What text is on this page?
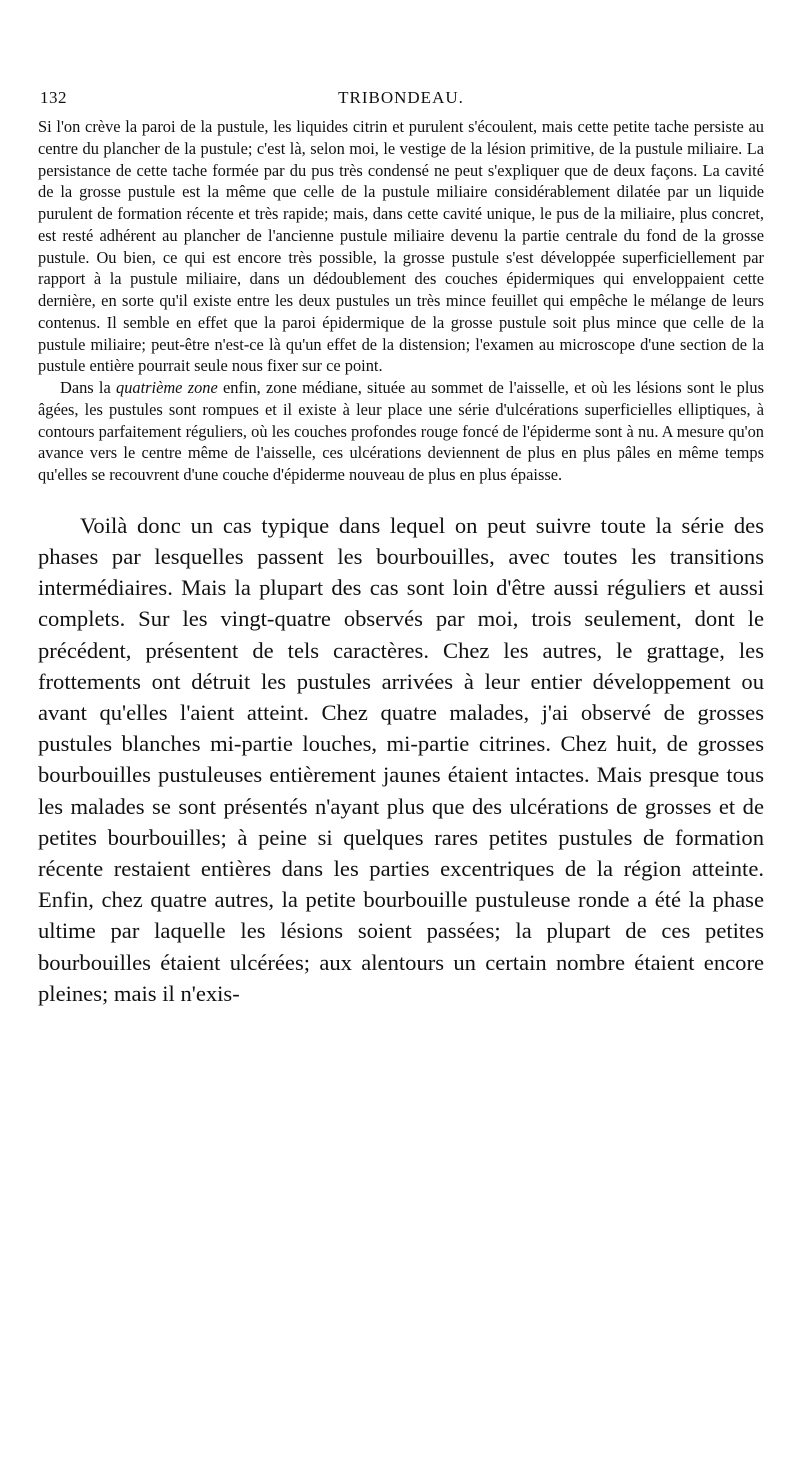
132	TRIBONDEAU.

Si l'on crève la paroi de la pustule, les liquides citrin et purulent s'écoulent, mais cette petite tache persiste au centre du plancher de la pustule; c'est là, selon moi, le vestige de la lésion primitive, de la pustule miliaire. La persistance de cette tache formée par du pus très condensé ne peut s'expliquer que de deux façons. La cavité de la grosse pustule est la même que celle de la pustule miliaire considérablement dilatée par un liquide purulent de formation récente et très rapide; mais, dans cette cavité unique, le pus de la miliaire, plus concret, est resté adhérent au plancher de l'ancienne pustule miliaire devenu la partie centrale du fond de la grosse pustule. Ou bien, ce qui est encore très possible, la grosse pustule s'est développée superficiellement par rapport à la pustule miliaire, dans un dédoublement des couches épidermiques qui enveloppaient cette dernière, en sorte qu'il existe entre les deux pustules un très mince feuillet qui empêche le mélange de leurs contenus. Il semble en effet que la paroi épidermique de la grosse pustule soit plus mince que celle de la pustule miliaire; peut-être n'est-ce là qu'un effet de la distension; l'examen au microscope d'une section de la pustule entière pourrait seule nous fixer sur ce point.

Dans la quatrième zone enfin, zone médiane, située au sommet de l'aisselle, et où les lésions sont le plus âgées, les pustules sont rompues et il existe à leur place une série d'ulcérations superficielles elliptiques, à contours parfaitement réguliers, où les couches profondes rouge foncé de l'épiderme sont à nu. A mesure qu'on avance vers le centre même de l'aisselle, ces ulcérations deviennent de plus en plus pâles en même temps qu'elles se recouvrent d'une couche d'épiderme nouveau de plus en plus épaisse.

Voilà donc un cas typique dans lequel on peut suivre toute la série des phases par lesquelles passent les bourbouilles, avec toutes les transitions intermédiaires. Mais la plupart des cas sont loin d'être aussi réguliers et aussi complets. Sur les vingt-quatre observés par moi, trois seulement, dont le précédent, présentent de tels caractères. Chez les autres, le grattage, les frottements ont détruit les pustules arrivées à leur entier développement ou avant qu'elles l'aient atteint. Chez quatre malades, j'ai observé de grosses pustules blanches mi-partie louches, mi-partie citrines. Chez huit, de grosses bourbouilles pustuleuses entièrement jaunes étaient intactes. Mais presque tous les malades se sont présentés n'ayant plus que des ulcérations de grosses et de petites bourbouilles; à peine si quelques rares petites pustules de formation récente restaient entières dans les parties excentriques de la région atteinte. Enfin, chez quatre autres, la petite bourbouille pustuleuse ronde a été la phase ultime par laquelle les lésions soient passées; la plupart de ces petites bourbouilles étaient ulcérées; aux alentours un certain nombre étaient encore pleines; mais il n'exis-
